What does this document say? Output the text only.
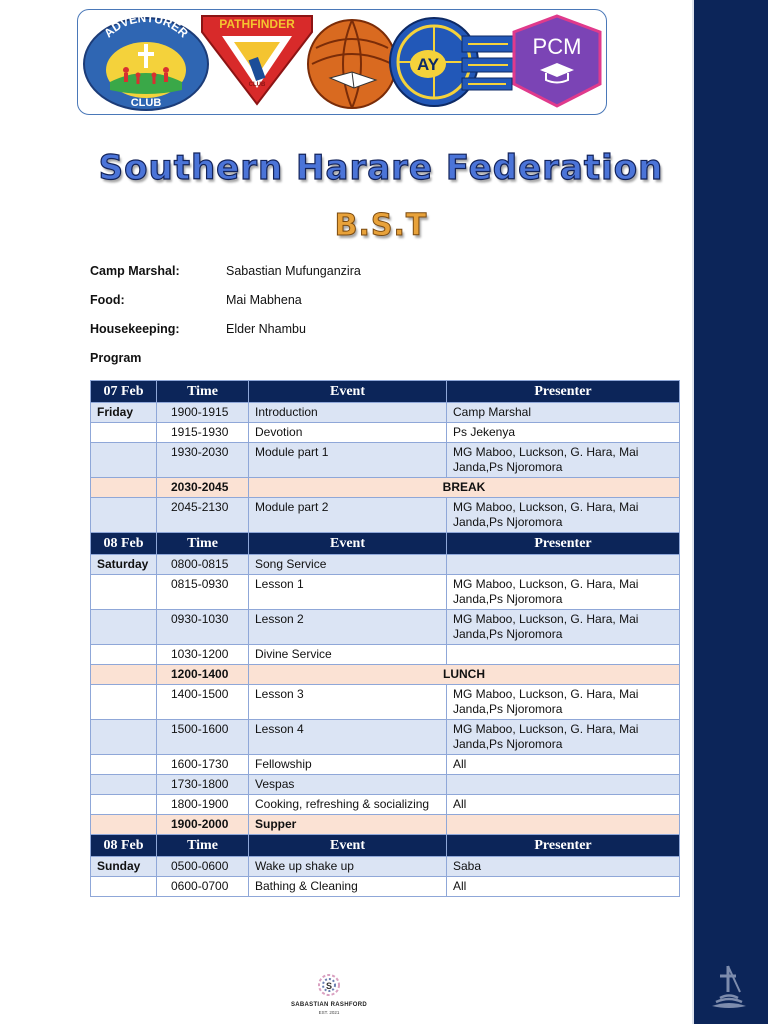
ADVENTURER
CLUB
PATHFINDER
CLUB
AY
PCM
Southern Harare Federation
B.S.T
Camp Marshal:	Sabastian Mufunganzira
Food:	Mai Mabhena
Housekeeping:	Elder Nhambu
Program
07 Feb	Time	Event	Presenter
Friday	1900-1915	Introduction	Camp Marshal
	1915-1930	Devotion	Ps Jekenya
	1930-2030	Module part 1	MG Maboo, Luckson, G. Hara, Mai Janda,Ps Njoromora
	2030-2045	BREAK	
	2045-2130	Module part 2	MG Maboo, Luckson, G. Hara, Mai Janda,Ps Njoromora
08 Feb	Time	Event	Presenter
Saturday	0800-0815	Song Service	
	0815-0930	Lesson 1	MG Maboo, Luckson, G. Hara, Mai Janda,Ps Njoromora
	0930-1030	Lesson 2	MG Maboo, Luckson, G. Hara, Mai Janda,Ps Njoromora
	1030-1200	Divine Service	
	1200-1400	LUNCH	
	1400-1500	Lesson 3	MG Maboo, Luckson, G. Hara, Mai Janda,Ps Njoromora
	1500-1600	Lesson 4	MG Maboo, Luckson, G. Hara, Mai Janda,Ps Njoromora
	1600-1730	Fellowship	All
	1730-1800	Vespas	
	1800-1900	Cooking, refreshing & socializing	All
	1900-2000	Supper	
08 Feb	Time	Event	Presenter
Sunday	0500-0600	Wake up shake up	Saba
	0600-0700	Bathing & Cleaning	All
S
SABASTIAN RASHFORD
EST. 2021
